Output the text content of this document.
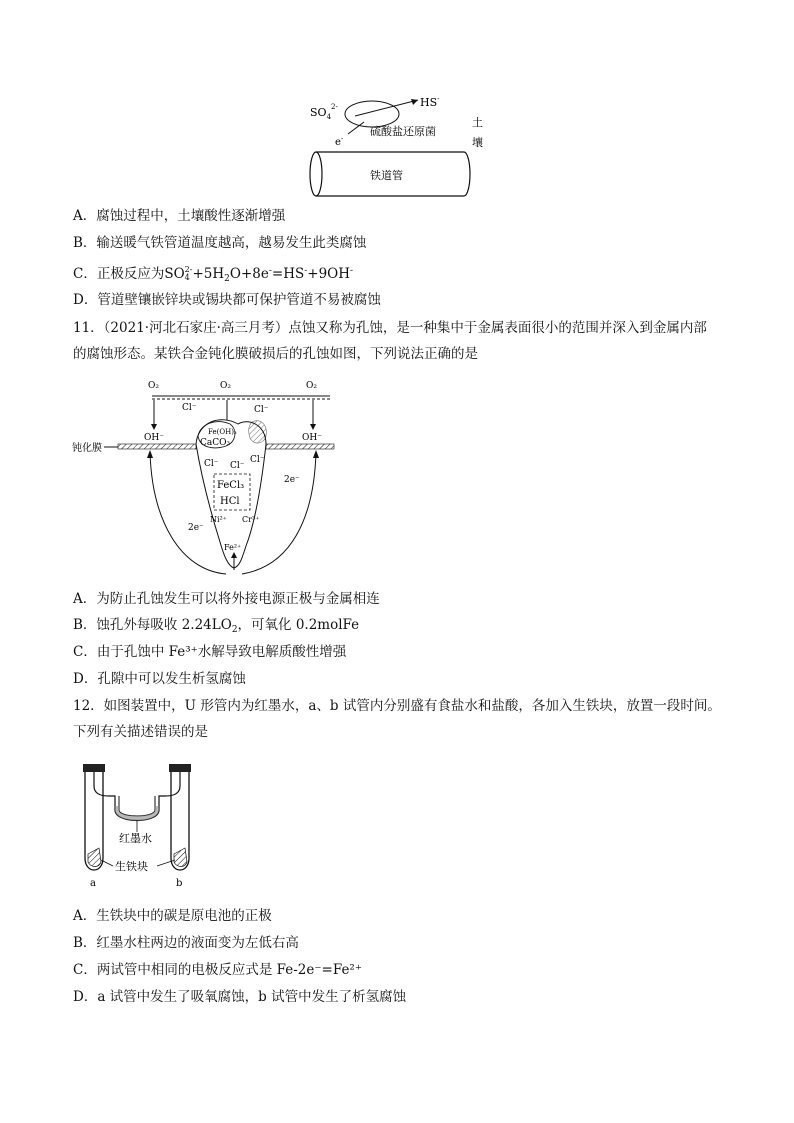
$SO_4^{2-}$	HS-
e-
硫酸盐还原菌
土
壤
铁道管
A．腐蚀过程中，土壤酸性逐渐增强
B．输送暖气铁管道温度越高，越易发生此类腐蚀
C．正极反应为SO 2-
$4 +5H_2O+8e^-=HS^-+9OH^-$
D．管道壁镶嵌锌块或锡块都可保护管道不易被腐蚀
11．（2021·河北石家庄·高三月考）点蚀又称为孔蚀，是一种集中于金属表面很小的范围并深入到金属内部
的腐蚀形态。某铁合金钝化膜破损后的孔蚀如图，下列说法正确的是
O₂	O₂	O₂
钝化膜
OH⁻	OH⁻
Cl⁻	Cl⁻
Fe(OH)₃
CaCO₃
Cl⁻ Cl⁻
Cl⁻
FeCl₃
HCl
Ni²⁺ Cr³⁺
Fe²⁺
2e⁻
2e⁻
A．为防止孔蚀发生可以将外接电源正极与金属相连
B．蚀孔外每吸收 $2.24LO_2$，可氧化 0.2molFe
C．由于孔蚀中 Fe³⁺水解导致电解质酸性增强
D．孔隙中可以发生析氢腐蚀
12．如图装置中，U 形管内为红墨水，a、b 试管内分别盛有食盐水和盐酸，各加入生铁块，放置一段时间。
下列有关描述错误的是
红墨水
生铁块
a	b
A．生铁块中的碳是原电池的正极
B．红墨水柱两边的液面变为左低右高
C．两试管中相同的电极反应式是 Fe-2e⁻=Fe²⁺
D．a 试管中发生了吸氧腐蚀，b 试管中发生了析氢腐蚀
